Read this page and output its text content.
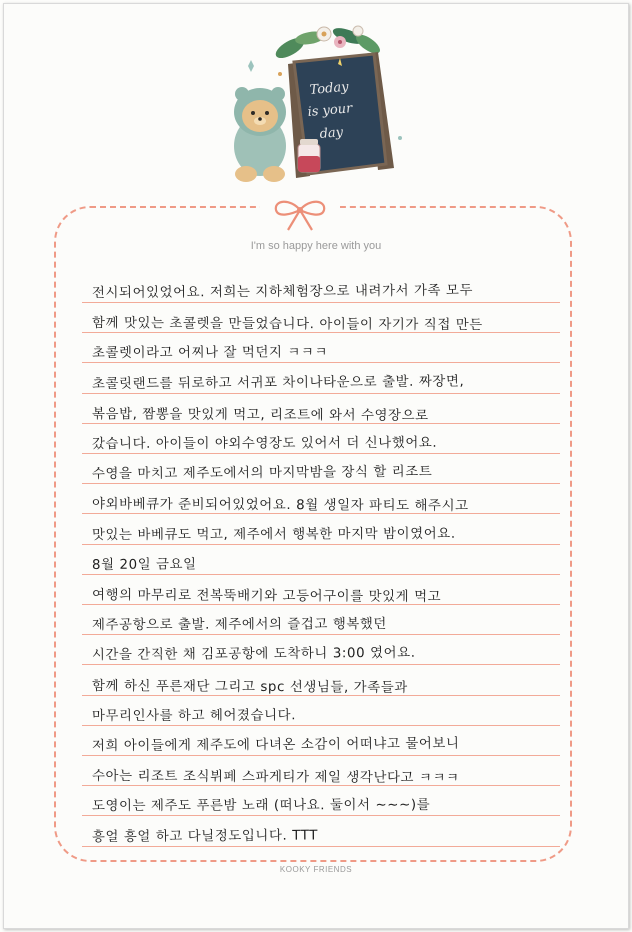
Today
is your
day
I'm so happy here with you
전시되어있었어요. 저희는 지하체험장으로 내려가서 가족 모두
함께 맛있는 초콜렛을 만들었습니다. 아이들이 자기가 직접 만든
초콜렛이라고 어찌나 잘 먹던지 ㅋㅋㅋ
초콜릿랜드를 뒤로하고 서귀포 차이나타운으로 출발. 짜장면,
볶음밥, 짬뽕을 맛있게 먹고, 리조트에 와서 수영장으로
갔습니다. 아이들이 야외수영장도 있어서 더 신나했어요.
수영을 마치고 제주도에서의 마지막밤을 장식 할 리조트
야외바베큐가 준비되어있었어요. 8월 생일자 파티도 해주시고
맛있는 바베큐도 먹고, 제주에서 행복한 마지막 밤이였어요.
8월 20일 금요일
여행의 마무리로 전복뚝배기와 고등어구이를 맛있게 먹고
제주공항으로 출발. 제주에서의 즐겁고 행복했던
시간을 간직한 채 김포공항에 도착하니 3:00 였어요.
함께 하신 푸른재단 그리고 spc 선생님들, 가족들과
마무리인사를 하고 헤어졌습니다.
저희 아이들에게 제주도에 다녀온 소감이 어떠냐고 물어보니
수아는 리조트 조식뷔페 스파게티가 제일 생각난다고 ㅋㅋㅋ
도영이는 제주도 푸른밤 노래 (떠나요. 둘이서 ~~~)를
흥얼 흥얼 하고 다닐정도입니다. TTT
KOOKY FRIENDS
